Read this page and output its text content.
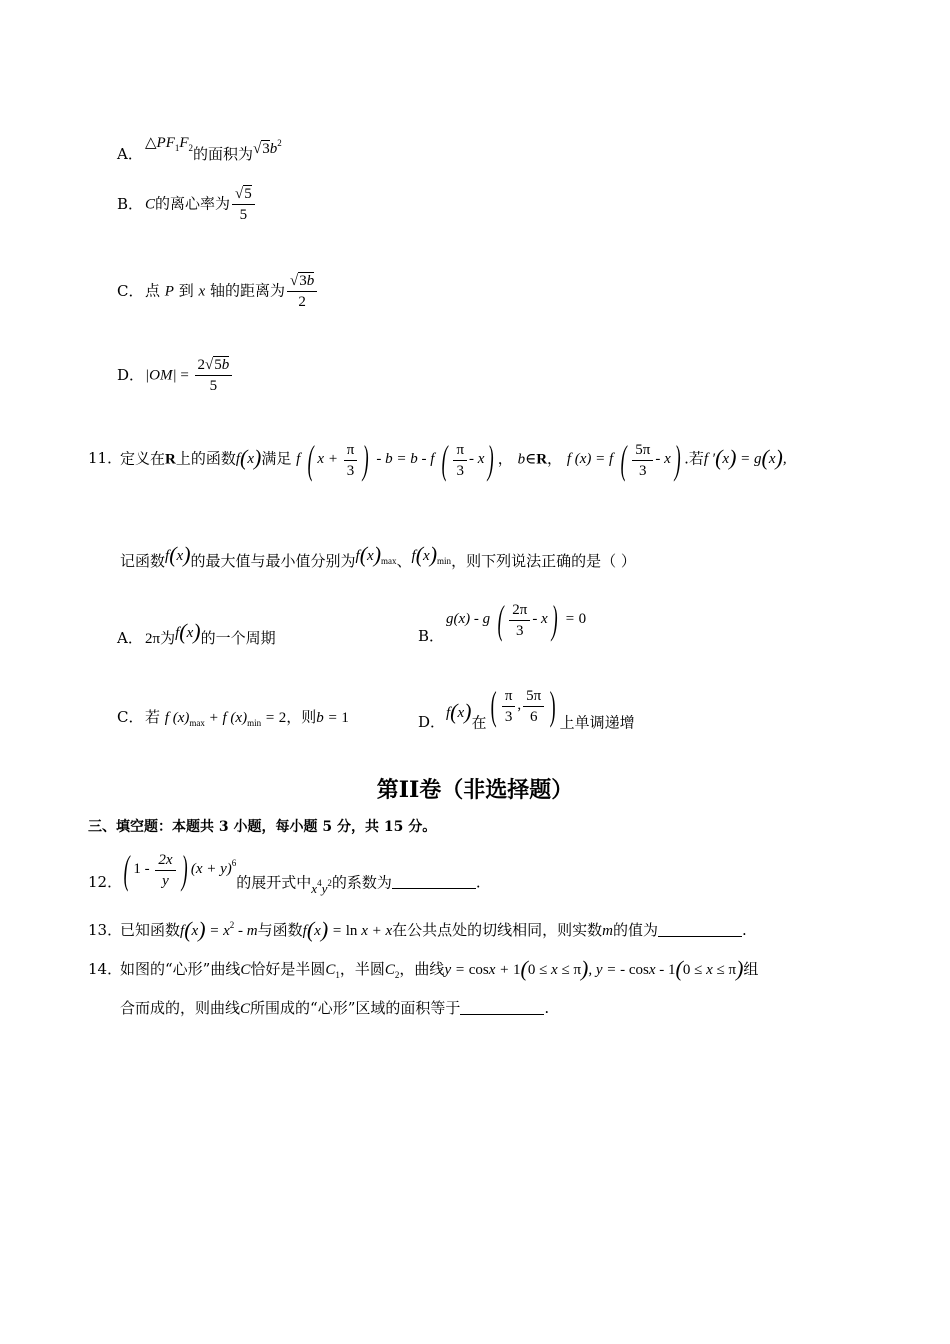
A．$\triangle PF_1F_2$的面积为$√3b^2$
B． C的离心率为 $\frac{√5}{5}$
C． 点 P 到 x 轴的距离为 $\frac{√3b}{2}$
D．$|OM| = \frac{2√5b}{5}$
11．定义在R上的函数f(x)满足 f ( $x + \frac{\pi}{3}$ ) - b = b - f ( $\frac{\pi}{3} - x$) ， b∈R， f (x) = f ( $\frac{5\pi}{3} - x$) .若f ′(x) = g(x),
记函数f(x)的最大值与最小值分别为$f(x)_{max}$、$f(x)_{min}$，则下列说法正确的是（ ）
A． 2π为f(x)的一个周期	B．g(x) - g ( $\frac{2\pi}{3} - x) = 0$
C． 若 f $(x)_{max} + f$ $(x)_{min} = 2$，则b = 1	D．f(x)在( $\frac{\pi}{3}$ , $\frac{5\pi}{6}$ ) 上单调递增
第II卷（非选择题）
三、填空题：本题共 3 小题，每小题 5 分，共 15 分。
12．( $1 - \frac{2x}{y}$ ) $(x + y)^6$的展开式中$x^4y^2$的系数为	.
13．已知函数$f(x) = x^2 - m$与函数f(x) = ln x + x在公共点处的切线相同，则实数m的值为	.
14．如图的“心形”曲线C恰好是半圆$C_1$，半圆$C_2$，曲线y = cosx + 1(0 ≤ x ≤ π), y = - cosx - 1(0 ≤ x ≤ π)组
合而成的，则曲线C所围成的“心形”区域的面积等于	.
